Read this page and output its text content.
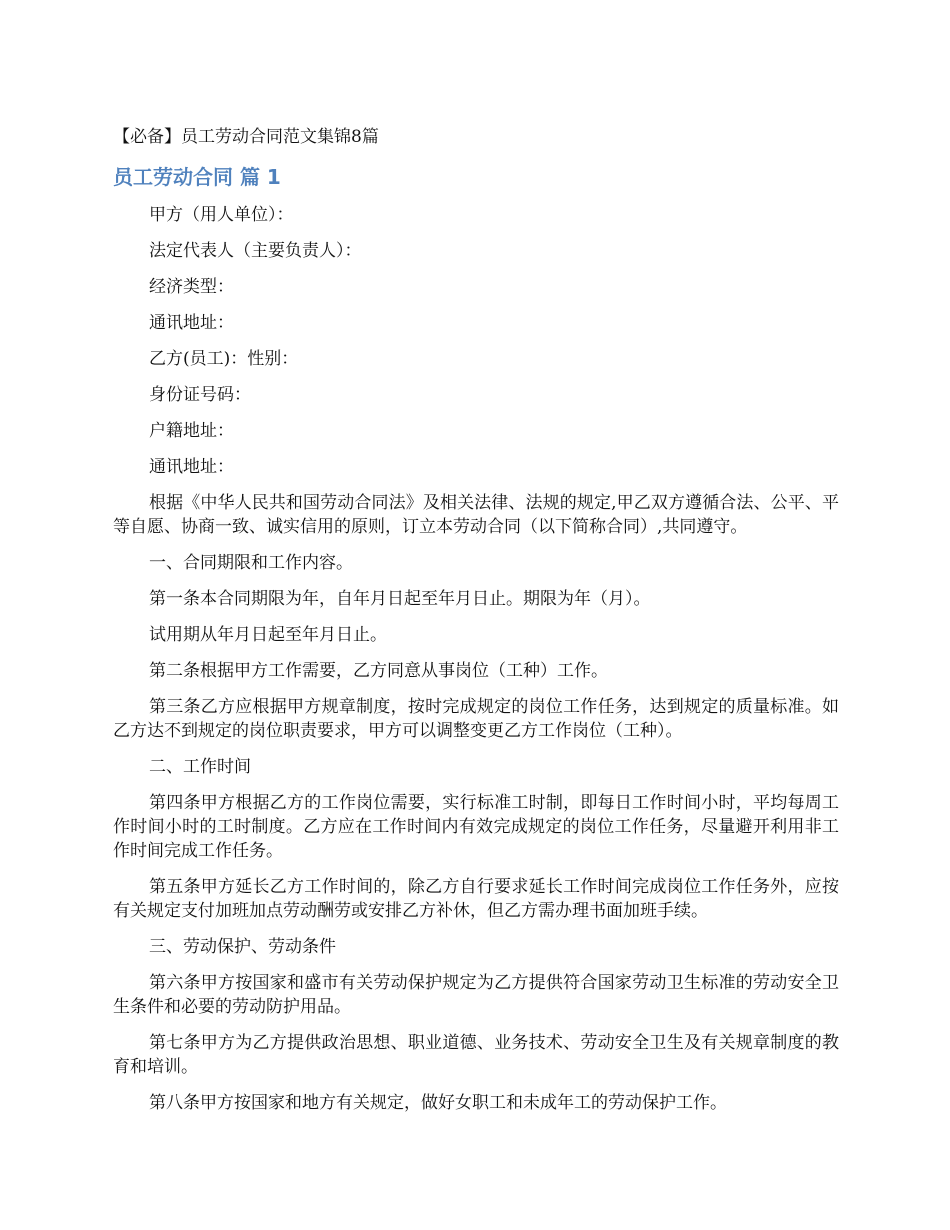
【必备】员工劳动合同范文集锦8篇
员工劳动合同 篇 1

甲方（用人单位）：

法定代表人（主要负责人）：

经济类型：

通讯地址：

乙方(员工)：性别：

身份证号码：

户籍地址：

通讯地址：

根据《中华人民共和国劳动合同法》及相关法律、法规的规定,甲乙双方遵循合法、公平、平等自愿、协商一致、诚实信用的原则，订立本劳动合同（以下简称合同）,共同遵守。

一、合同期限和工作内容。

第一条本合同期限为年，自年月日起至年月日止。期限为年（月）。

试用期从年月日起至年月日止。

第二条根据甲方工作需要，乙方同意从事岗位（工种）工作。

第三条乙方应根据甲方规章制度，按时完成规定的岗位工作任务，达到规定的质量标准。如乙方达不到规定的岗位职责要求，甲方可以调整变更乙方工作岗位（工种）。

二、工作时间

第四条甲方根据乙方的工作岗位需要，实行标准工时制，即每日工作时间小时，平均每周工作时间小时的工时制度。乙方应在工作时间内有效完成规定的岗位工作任务，尽量避开利用非工作时间完成工作任务。

第五条甲方延长乙方工作时间的，除乙方自行要求延长工作时间完成岗位工作任务外，应按有关规定支付加班加点劳动酬劳或安排乙方补休，但乙方需办理书面加班手续。

三、劳动保护、劳动条件

第六条甲方按国家和盛市有关劳动保护规定为乙方提供符合国家劳动卫生标准的劳动安全卫生条件和必要的劳动防护用品。

第七条甲方为乙方提供政治思想、职业道德、业务技术、劳动安全卫生及有关规章制度的教育和培训。

第八条甲方按国家和地方有关规定，做好女职工和未成年工的劳动保护工作。
